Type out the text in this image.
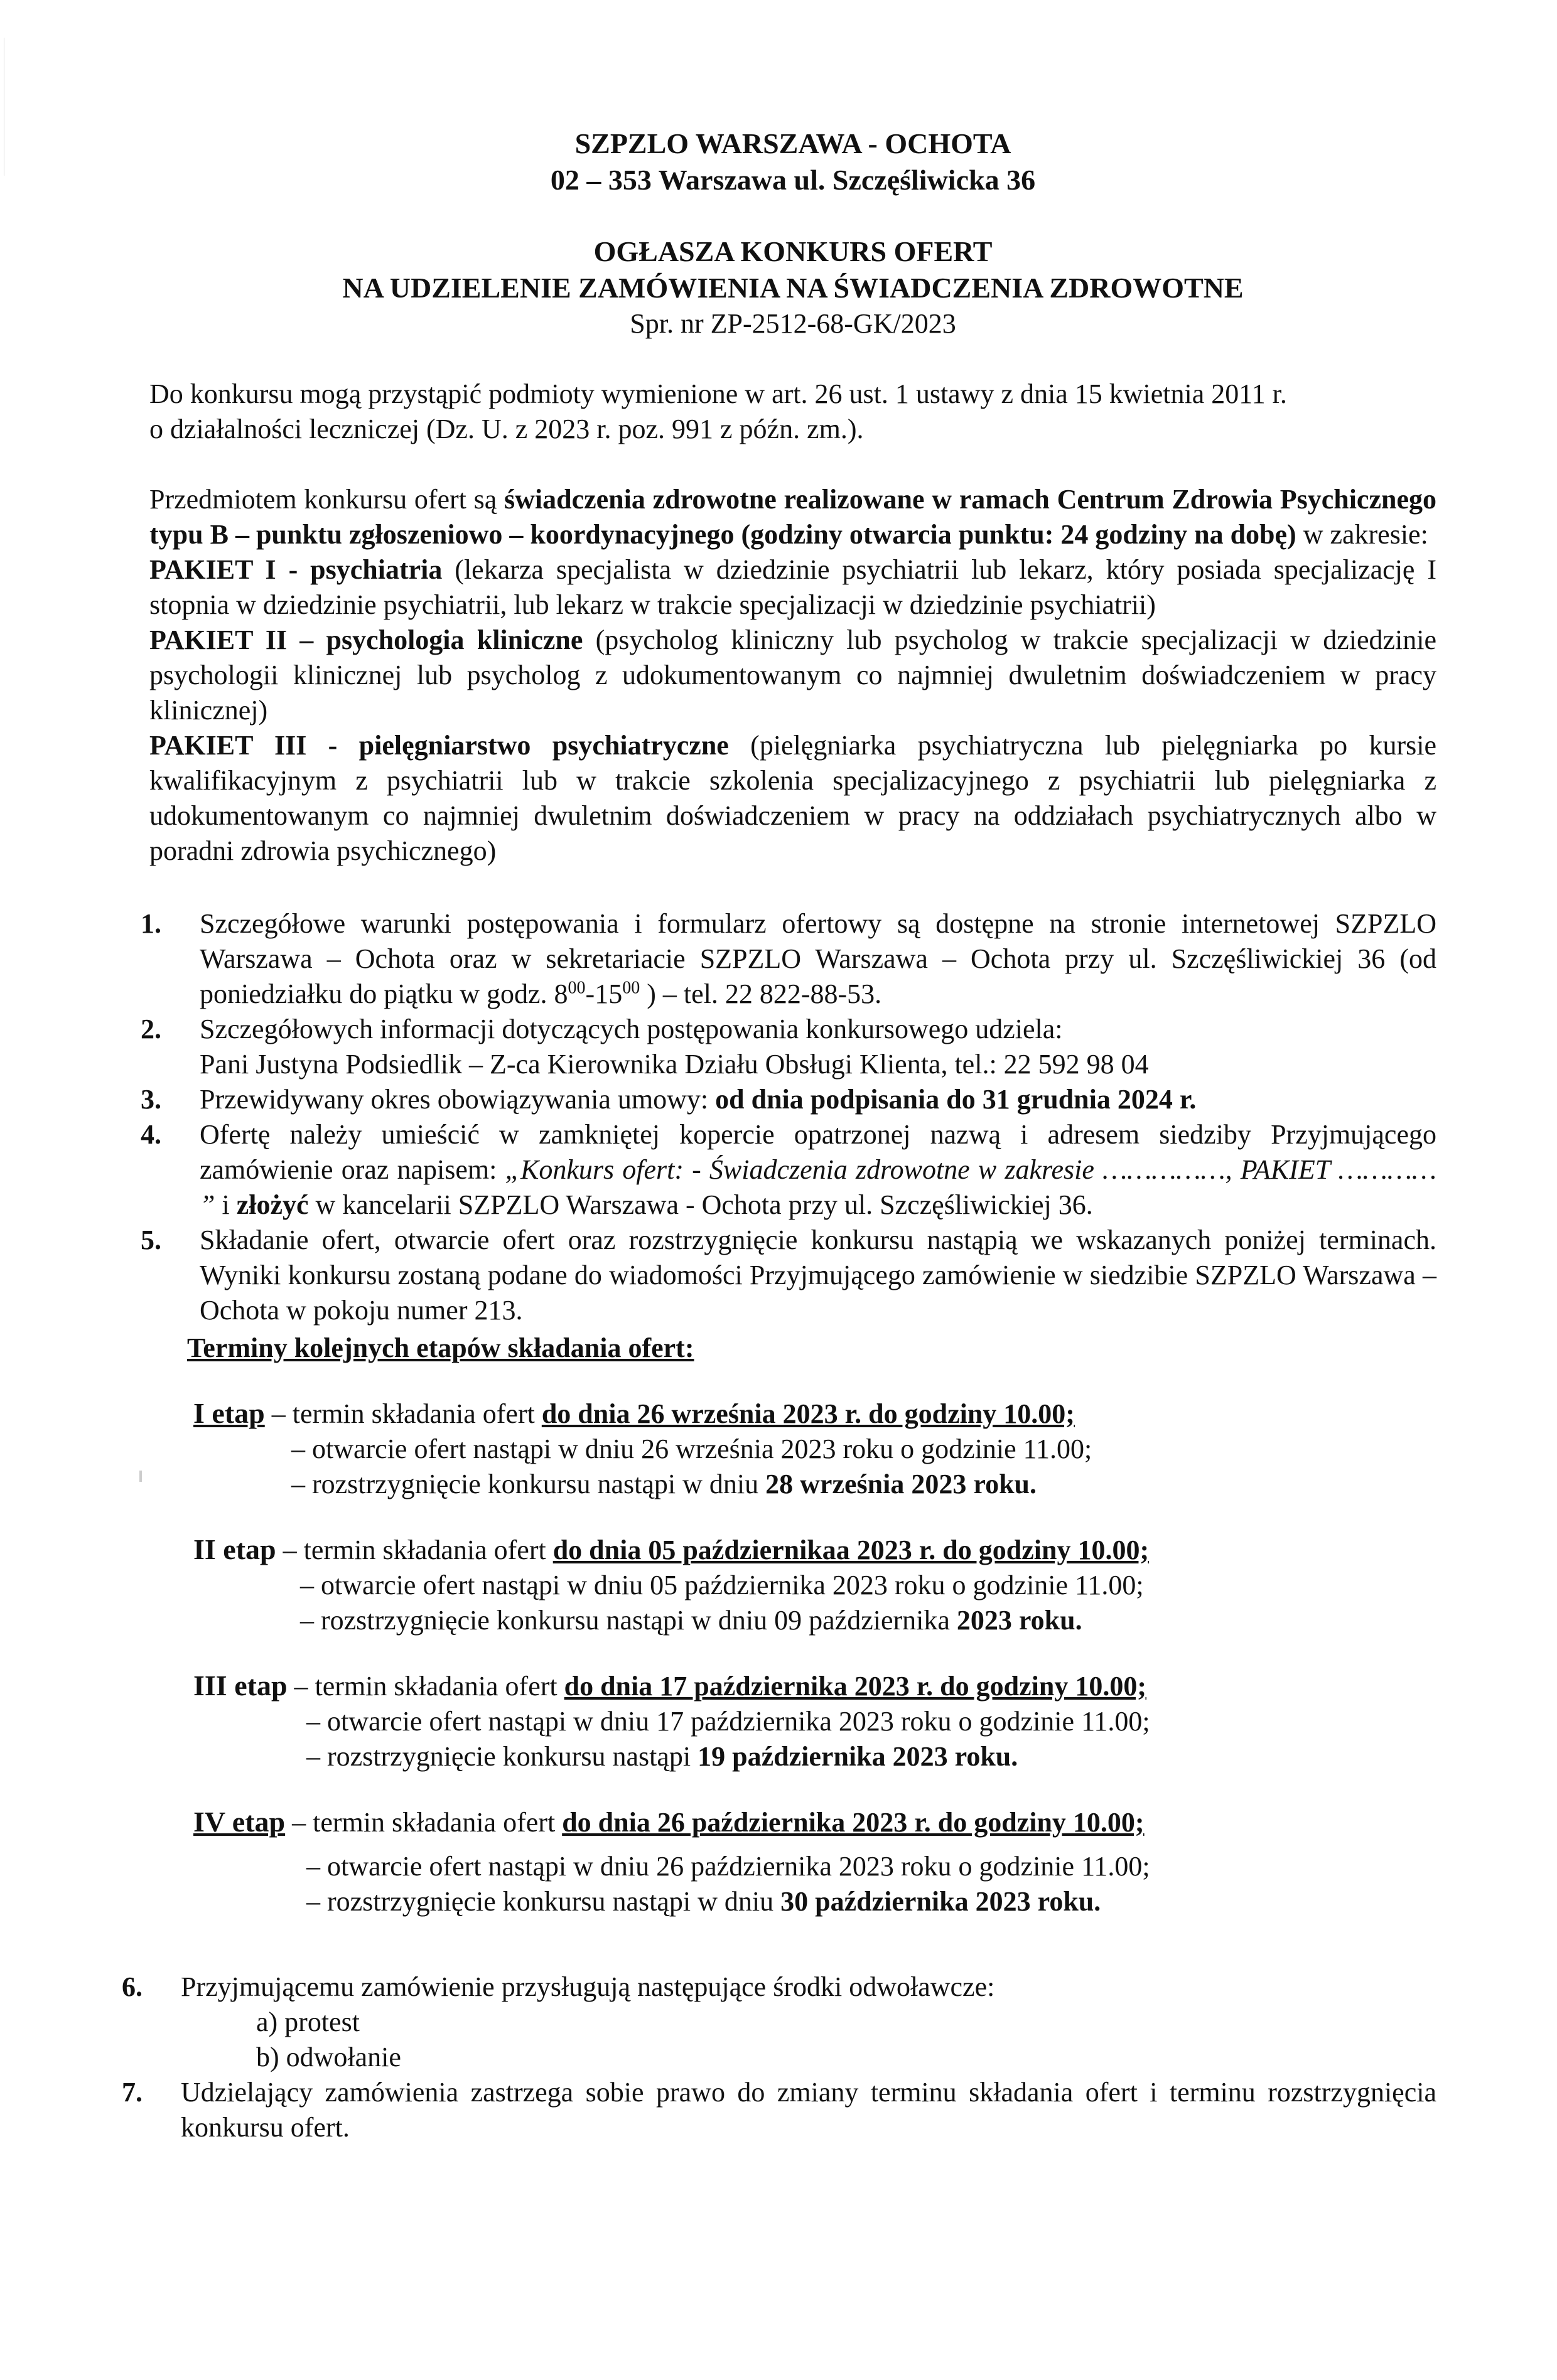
SZPZLO WARSZAWA - OCHOTA
02 – 353 Warszawa ul. Szczęśliwicka 36
OGŁASZA KONKURS OFERT
NA UDZIELENIE ZAMÓWIENIA NA ŚWIADCZENIA ZDROWOTNE
Spr. nr ZP-2512-68-GK/2023

Do konkursu mogą przystąpić podmioty wymienione w art. 26 ust. 1 ustawy z dnia 15 kwietnia 2011 r.

o działalności leczniczej (Dz. U. z 2023 r. poz. 991 z późn. zm.).

Przedmiotem konkursu ofert są świadczenia zdrowotne realizowane w ramach Centrum Zdrowia Psychicznego typu B – punktu zgłoszeniowo – koordynacyjnego (godziny otwarcia punktu: 24 godziny na dobę) w zakresie:

PAKIET I - psychiatria (lekarza specjalista w dziedzinie psychiatrii lub lekarz, który posiada specjalizację I stopnia w dziedzinie psychiatrii, lub lekarz w trakcie specjalizacji w dziedzinie psychiatrii)

PAKIET II – psychologia kliniczne (psycholog kliniczny lub psycholog w trakcie specjalizacji w dziedzinie psychologii klinicznej lub psycholog z udokumentowanym co najmniej dwuletnim doświadczeniem w pracy klinicznej)

PAKIET III - pielęgniarstwo psychiatryczne (pielęgniarka psychiatryczna lub pielęgniarka po kursie kwalifikacyjnym z psychiatrii lub w trakcie szkolenia specjalizacyjnego z psychiatrii lub pielęgniarka z udokumentowanym co najmniej dwuletnim doświadczeniem w pracy na oddziałach psychiatrycznych albo w poradni zdrowia psychicznego)

1. Szczegółowe warunki postępowania i formularz ofertowy są dostępne na stronie internetowej SZPZLO Warszawa – Ochota oraz w sekretariacie SZPZLO Warszawa – Ochota przy ul. Szczęśliwickiej 36 (od poniedziałku do piątku w godz. $8^{00}-15^{00}$ ) – tel. 22 822-88-53.
2. Szczegółowych informacji dotyczących postępowania konkursowego udziela:
Pani Justyna Podsiedlik – Z-ca Kierownika Działu Obsługi Klienta, tel.: 22 592 98 04
3. Przewidywany okres obowiązywania umowy: od dnia podpisania do 31 grudnia 2024 r.
4. Ofertę należy umieścić w zamkniętej kopercie opatrzonej nazwą i adresem siedziby Przyjmującego zamówienie oraz napisem: „Konkurs ofert: - Świadczenia zdrowotne w zakresie ……………, PAKIET ………… ” i złożyć w kancelarii SZPZLO Warszawa - Ochota przy ul. Szczęśliwickiej 36.
5. Składanie ofert, otwarcie ofert oraz rozstrzygnięcie konkursu nastąpią we wskazanych poniżej terminach. Wyniki konkursu zostaną podane do wiadomości Przyjmującego zamówienie w siedzibie SZPZLO Warszawa – Ochota w pokoju numer 213.
Terminy kolejnych etapów składania ofert:
I etap – termin składania ofert do dnia 26 września 2023 r. do godziny 10.00;
– otwarcie ofert nastąpi w dniu 26 września 2023 roku o godzinie 11.00;
– rozstrzygnięcie konkursu nastąpi w dniu 28 września 2023 roku.
II etap – termin składania ofert do dnia 05 październikaa 2023 r. do godziny 10.00;
– otwarcie ofert nastąpi w dniu 05 października 2023 roku o godzinie 11.00;
– rozstrzygnięcie konkursu nastąpi w dniu 09 października 2023 roku.
III etap – termin składania ofert do dnia 17 października 2023 r. do godziny 10.00;
– otwarcie ofert nastąpi w dniu 17 października 2023 roku o godzinie 11.00;
– rozstrzygnięcie konkursu nastąpi 19 października 2023 roku.
IV etap – termin składania ofert do dnia 26 października 2023 r. do godziny 10.00;
– otwarcie ofert nastąpi w dniu 26 października 2023 roku o godzinie 11.00;
– rozstrzygnięcie konkursu nastąpi w dniu 30 października 2023 roku.
6. Przyjmującemu zamówienie przysługują następujące środki odwoławcze:
a) protest
b) odwołanie
7. Udzielający zamówienia zastrzega sobie prawo do zmiany terminu składania ofert i terminu rozstrzygnięcia konkursu ofert.
